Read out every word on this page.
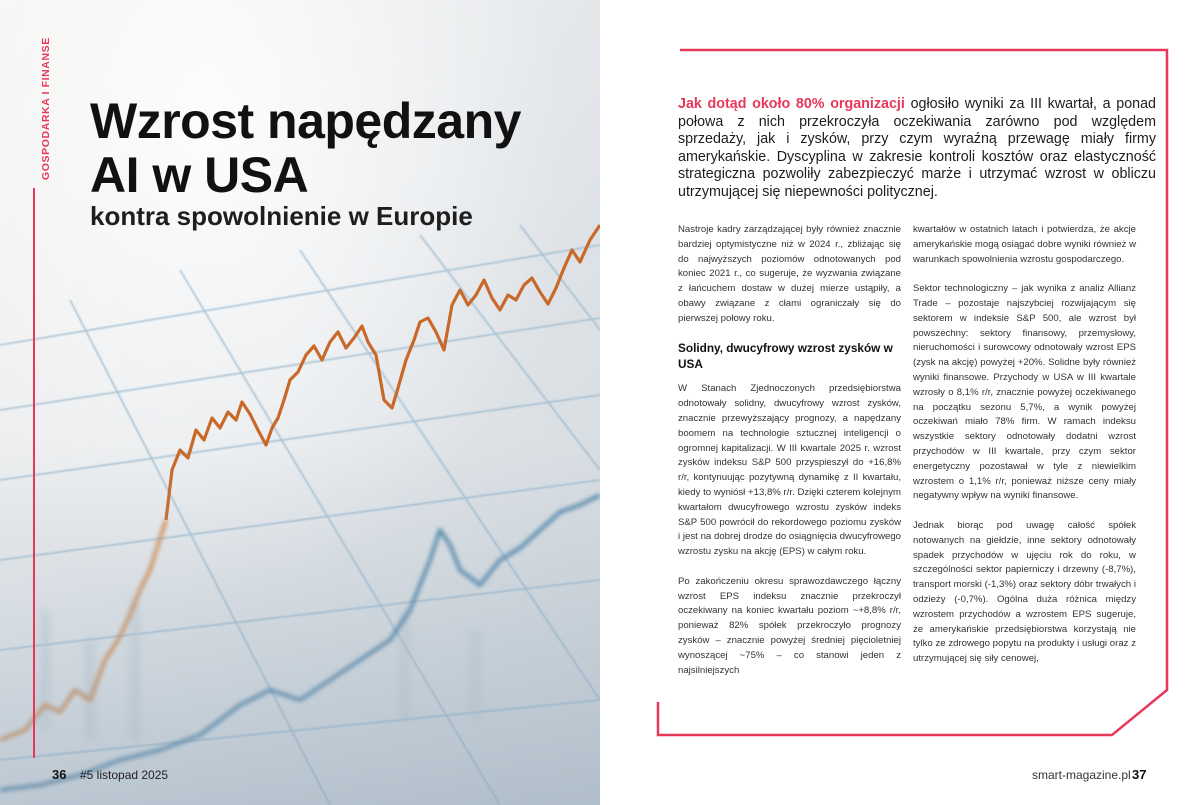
GOSPODARKA I FINANSE Wzrost napędzany
AI w USA
kontra spowolnienie w Europie
36 #5 listopad 2025

Jak dotąd około 80% organizacji ogłosiło wyniki za III kwartał, a ponad połowa z nich przekroczyła oczekiwania zarówno pod względem sprzedaży, jak i zysków, przy czym wyraźną przewagę miały firmy amerykańskie. Dyscyplina w zakresie kontroli kosztów oraz elastyczność strategiczna pozwoliły zabezpieczyć marże i utrzymać wzrost w obliczu utrzymującej się niepewności politycznej.

Nastroje kadry zarządzającej były również znacznie bardziej optymistyczne niż w 2024 r., zbliżając się do najwyższych poziomów odnotowanych pod koniec 2021 r., co sugeruje, że wyzwania związane z łańcuchem dostaw w dużej mierze ustąpiły, a obawy związane z cłami ograniczały się do pierwszej połowy roku.

Solidny, dwucyfrowy wzrost zysków w USA

W Stanach Zjednoczonych przedsiębiorstwa odnotowały solidny, dwucyfrowy wzrost zysków, znacznie przewyższający prognozy, a napędzany boomem na technologie sztucznej inteligencji o ogromnej kapitalizacji. W III kwartale 2025 r. wzrost zysków indeksu S&P 500 przyspieszył do +16,8% r/r, kontynuując pozytywną dynamikę z II kwartału, kiedy to wyniósł +13,8% r/r. Dzięki czterem kolejnym kwartałom dwucyfrowego wzrostu zysków indeks S&P 500 powrócił do rekordowego poziomu zysków i jest na dobrej drodze do osiągnięcia dwucyfrowego wzrostu zysku na akcję (EPS) w całym roku.

Po zakończeniu okresu sprawozdawczego łączny wzrost EPS indeksu znacznie przekroczył oczekiwany na koniec kwartału poziom ~+8,8% r/r, ponieważ 82% spółek przekroczyło prognozy zysków – znacznie powyżej średniej pięcioletniej wynoszącej ~75% – co stanowi jeden z najsilniejszych

kwartałów w ostatnich latach i potwierdza, że akcje amerykańskie mogą osiągać dobre wyniki również w warunkach spowolnienia wzrostu gospodarczego.

Sektor technologiczny – jak wynika z analiz Allianz Trade – pozostaje najszybciej rozwijającym się sektorem w indeksie S&P 500, ale wzrost był powszechny: sektory finansowy, przemysłowy, nieruchomości i surowcowy odnotowały wzrost EPS (zysk na akcję) powyżej +20%. Solidne były również wyniki finansowe. Przychody w USA w III kwartale wzrosły o 8,1% r/r, znacznie powyżej oczekiwanego na początku sezonu 5,7%, a wynik powyżej oczekiwań miało 78% firm. W ramach indeksu wszystkie sektory odnotowały dodatni wzrost przychodów w III kwartale, przy czym sektor energetyczny pozostawał w tyle z niewielkim wzrostem o 1,1% r/r, ponieważ niższe ceny miały negatywny wpływ na wyniki finansowe.

Jednak biorąc pod uwagę całość spółek notowanych na giełdzie, inne sektory odnotowały spadek przychodów w ujęciu rok do roku, w szczególności sektor papierniczy i drzewny (-8,7%), transport morski (-1,3%) oraz sektory dóbr trwałych i odzieży (-0,7%). Ogólna duża różnica między wzrostem przychodów a wzrostem EPS sugeruje, że amerykańskie przedsiębiorstwa korzystają nie tylko ze zdrowego popytu na produkty i usługi oraz z utrzymującej się siły cenowej,

smart-magazine.pl 37
